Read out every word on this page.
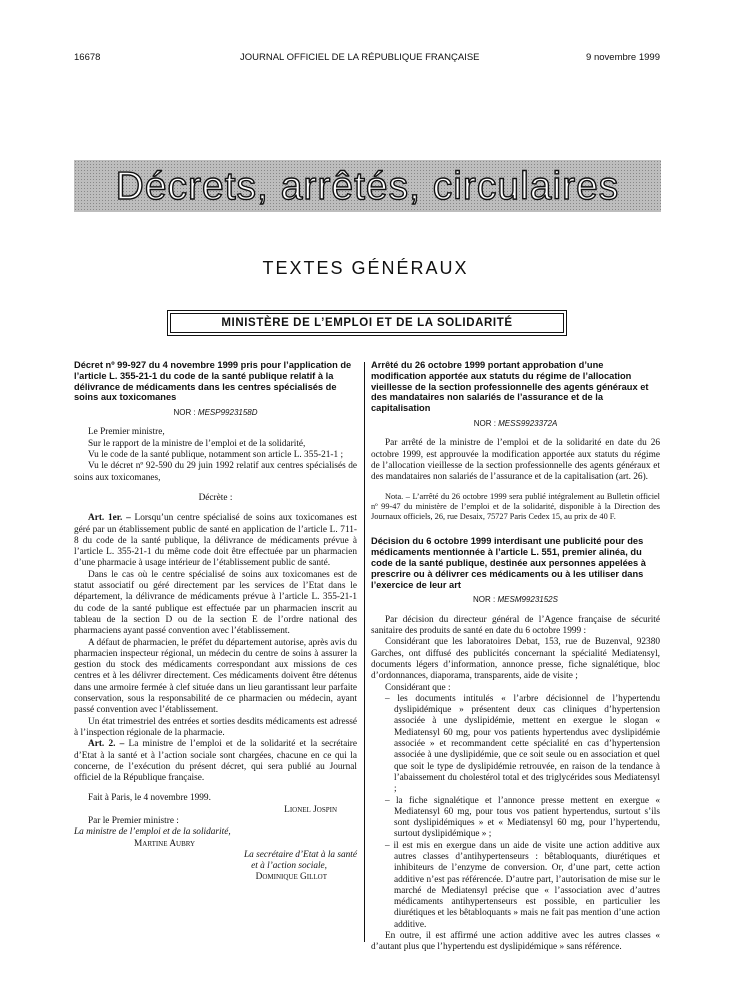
16678	JOURNAL OFFICIEL DE LA RÉPUBLIQUE FRANÇAISE	9 novembre 1999
Décrets, arrêtés, circulaires
TEXTES GÉNÉRAUX
MINISTÈRE DE L’EMPLOI ET DE LA SOLIDARITÉ
Décret nº 99-927 du 4 novembre 1999 pris pour l’application de l’article L. 355-21-1 du code de la santé publique relatif à la délivrance de médicaments dans les centres spécialisés de soins aux toxicomanes
NOR : MESP9923158D

Le Premier ministre,

Sur le rapport de la ministre de l’emploi et de la solidarité,

Vu le code de la santé publique, notamment son article L. 355-21-1 ;

Vu le décret nº 92-590 du 29 juin 1992 relatif aux centres spécialisés de soins aux toxicomanes,

Décrète :

Art. 1er. – Lorsqu’un centre spécialisé de soins aux toxicomanes est géré par un établissement public de santé en application de l’article L. 711-8 du code de la santé publique, la délivrance de médicaments prévue à l’article L. 355-21-1 du même code doit être effectuée par un pharmacien d’une pharmacie à usage intérieur de l’établissement public de santé.

Dans le cas où le centre spécialisé de soins aux toxicomanes est de statut associatif ou géré directement par les services de l’Etat dans le département, la délivrance de médicaments prévue à l’article L. 355-21-1 du code de la santé publique est effectuée par un pharmacien inscrit au tableau de la section D ou de la section E de l’ordre national des pharmaciens ayant passé convention avec l’établissement.

A défaut de pharmacien, le préfet du département autorise, après avis du pharmacien inspecteur régional, un médecin du centre de soins à assurer la gestion du stock des médicaments correspondant aux missions de ces centres et à les délivrer directement. Ces médicaments doivent être détenus dans une armoire fermée à clef située dans un lieu garantissant leur parfaite conservation, sous la responsabilité de ce pharmacien ou médecin, ayant passé convention avec l’établissement.

Un état trimestriel des entrées et sorties desdits médicaments est adressé à l’inspection régionale de la pharmacie.

Art. 2. – La ministre de l’emploi et de la solidarité et la secrétaire d’Etat à la santé et à l’action sociale sont chargées, chacune en ce qui la concerne, de l’exécution du présent décret, qui sera publié au Journal officiel de la République française.

Fait à Paris, le 4 novembre 1999.

Lionel Jospin

Par le Premier ministre :

La ministre de l’emploi et de la solidarité,

Martine Aubry

La secrétaire d’Etat à la santé

et à l’action sociale,

Dominique Gillot

Arrêté du 26 octobre 1999 portant approbation d’une modification apportée aux statuts du régime de l’allocation vieillesse de la section professionnelle des agents généraux et des mandataires non salariés de l’assurance et de la capitalisation
NOR : MESS9923372A

Par arrêté de la ministre de l’emploi et de la solidarité en date du 26 octobre 1999, est approuvée la modification apportée aux statuts du régime de l’allocation vieillesse de la section professionnelle des agents généraux et des mandataires non salariés de l’assurance et de la capitalisation (art. 26).

Nota. – L’arrêté du 26 octobre 1999 sera publié intégralement au Bulletin officiel nº 99-47 du ministère de l’emploi et de la solidarité, disponible à la Direction des Journaux officiels, 26, rue Desaix, 75727 Paris Cedex 15, au prix de 40 F.

Décision du 6 octobre 1999 interdisant une publicité pour des médicaments mentionnée à l’article L. 551, premier alinéa, du code de la santé publique, destinée aux personnes appelées à prescrire ou à délivrer ces médicaments ou à les utiliser dans l’exercice de leur art
NOR : MESM9923152S

Par décision du directeur général de l’Agence française de sécurité sanitaire des produits de santé en date du 6 octobre 1999 :

Considérant que les laboratoires Debat, 153, rue de Buzenval, 92380 Garches, ont diffusé des publicités concernant la spécialité Mediatensyl, documents légers d’information, annonce presse, fiche signalétique, bloc d’ordonnances, diaporama, transparents, aide de visite ;

Considérant que :

– les documents intitulés « l’arbre décisionnel de l’hypertendu dyslipidémique » présentent deux cas cliniques d’hypertension associée à une dyslipidémie, mettent en exergue le slogan « Mediatensyl 60 mg, pour vos patients hypertendus avec dyslipidémie associée » et recommandent cette spécialité en cas d’hypertension associée à une dyslipidémie, que ce soit seule ou en association et quel que soit le type de dyslipidémie retrouvée, en raison de la tendance à l’abaissement du cholestérol total et des triglycérides sous Mediatensyl ;

– la fiche signalétique et l’annonce presse mettent en exergue « Mediatensyl 60 mg, pour tous vos patient hypertendus, surtout s’ils sont dyslipidémiques » et « Mediatensyl 60 mg, pour l’hypertendu, surtout dyslipidémique » ;

– il est mis en exergue dans un aide de visite une action additive aux autres classes d’antihypertenseurs : bêtabloquants, diurétiques et inhibiteurs de l’enzyme de conversion. Or, d’une part, cette action additive n’est pas référencée. D’autre part, l’autorisation de mise sur le marché de Mediatensyl précise que « l’association avec d’autres médicaments antihypertenseurs est possible, en particulier les diurétiques et les bêtabloquants » mais ne fait pas mention d’une action additive.

En outre, il est affirmé une action additive avec les autres classes « d’autant plus que l’hypertendu est dyslipidémique » sans référence.
